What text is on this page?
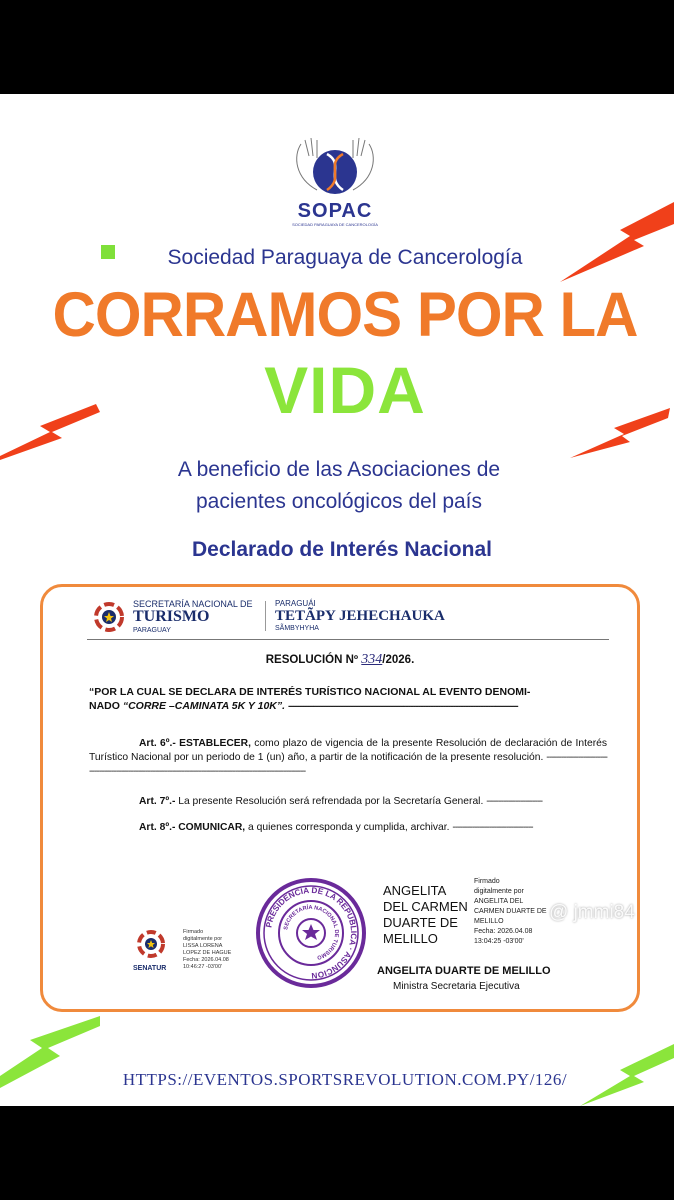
SOPAC
SOCIEDAD PARAGUAYA DE CANCEROLOGÍA
Sociedad Paraguaya de Cancerología
CORRAMOS POR LA
VIDA
A beneficio de las Asociaciones de
pacientes oncológicos del país
Declarado de Interés Nacional
SECRETARÍA NACIONAL DE
TURISMO
PARAGUAY
PARAGUÁI
TETÃPY JEHECHAUKA
SÃMBYHYHA
RESOLUCIÓN Nº 334/2026.
“POR LA CUAL SE DECLARA DE INTERÉS TURÍSTICO NACIONAL AL EVENTO DENOMI-
NADO “CORRE –CAMINATA 5K Y 10K”. --------------------------------------------------------------------------------------------
Art. 6º.- ESTABLECER, como plazo de vigencia de la presente Resolución de declaración de Interés Turístico Nacional por un periodo de 1 (un) año, a partir de la notificación de la presente resolución. ------------------------------------------------------------------------------------------------------------------
Art. 7º.- La presente Resolución será refrendada por la Secretaría General. -----------------------
Art. 8º.- COMUNICAR, a quienes corresponda y cumplida, archivar. ---------------------------------
SENATUR
Firmado
digitalmente por
LISSA LORENA
LOPEZ DE HAGUE
Fecha: 2026.04.08
10:46:27 -03'00'
PRESIDENCIA DE LA REPÚBLICA · ASUNCIÓN
SECRETARÍA NACIONAL DE TURISMO
ANGELITA
DEL CARMEN
DUARTE DE
MELILLO
Firmado
digitalmente por
ANGELITA DEL
CARMEN DUARTE DE
MELILLO
Fecha: 2026.04.08
13:04:25 -03'00'
ANGELITA DUARTE DE MELILLO
Ministra Secretaria Ejecutiva
@ jmmi84
HTTPS://EVENTOS.SPORTSREVOLUTION.COM.PY/126/
